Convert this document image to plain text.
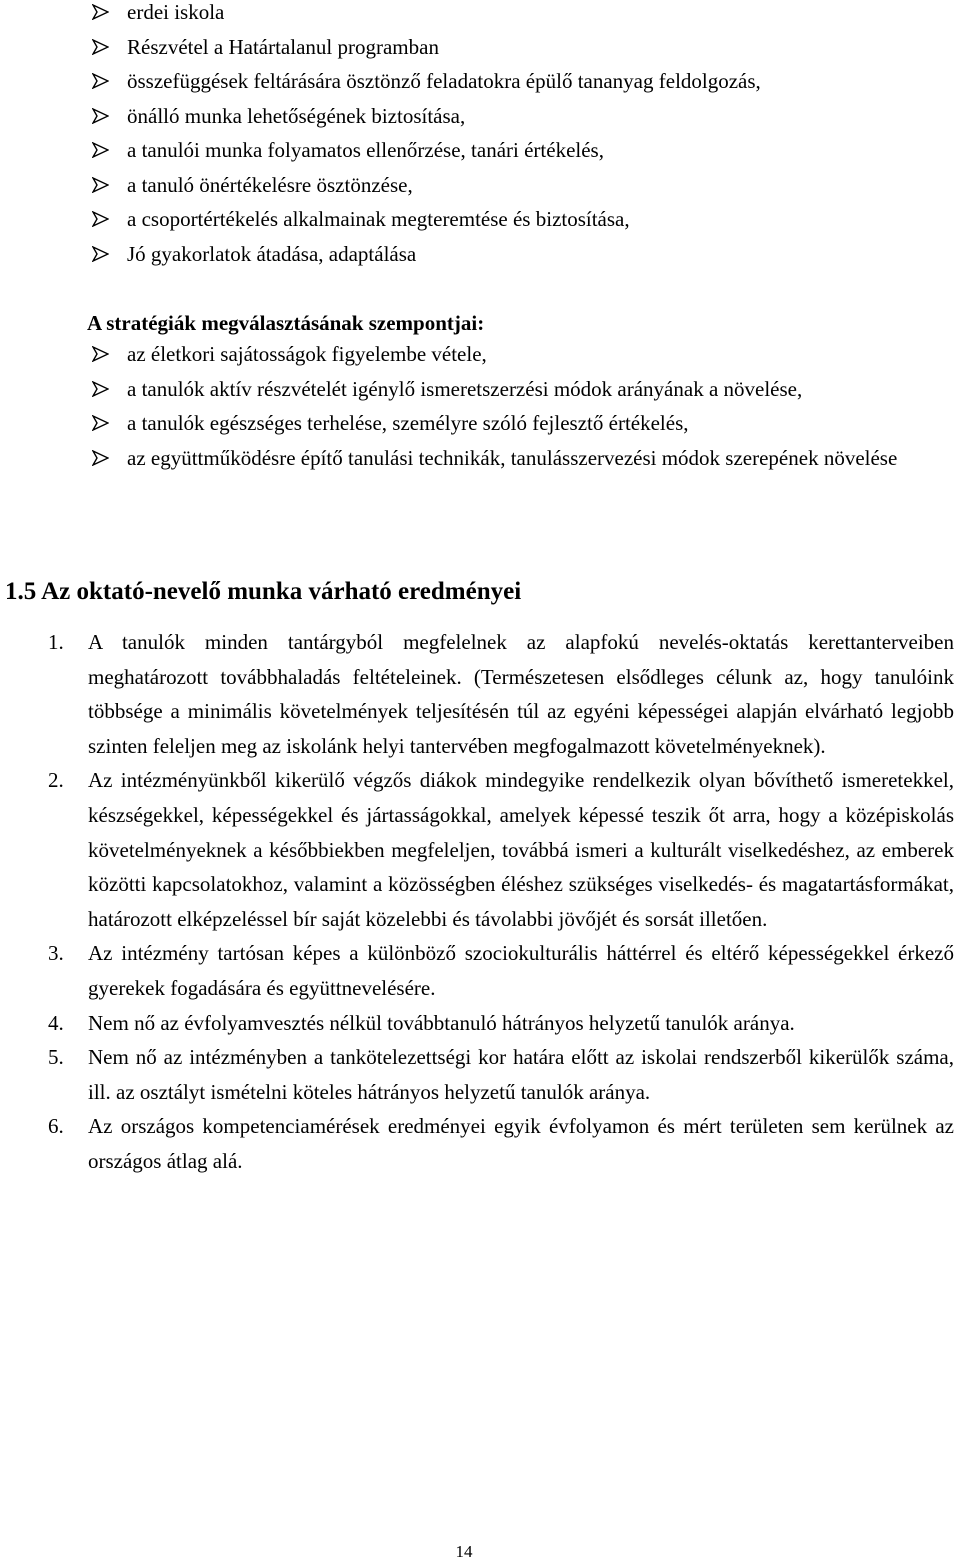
erdei iskola
Részvétel a Határtalanul programban
összefüggések feltárására ösztönző feladatokra épülő tananyag feldolgozás,
önálló munka lehetőségének biztosítása,
a tanulói munka folyamatos ellenőrzése, tanári értékelés,
a tanuló önértékelésre ösztönzése,
a csoportértékelés alkalmainak megteremtése és biztosítása,
Jó gyakorlatok átadása, adaptálása
A stratégiák megválasztásának szempontjai:
az életkori sajátosságok figyelembe vétele,
a tanulók aktív részvételét igénylő ismeretszerzési módok arányának a növelése,
a tanulók egészséges terhelése, személyre szóló fejlesztő értékelés,
az együttműködésre építő tanulási technikák, tanulásszervezési módok szerepének növelése
1.5 Az oktató-nevelő munka várható eredményei
1. A tanulók minden tantárgyból megfelelnek az alapfokú nevelés-oktatás kerettanterveiben meghatározott továbbhaladás feltételeinek. (Természetesen elsődleges célunk az, hogy tanulóink többsége a minimális követelmények teljesítésén túl az egyéni képességei alapján elvárható legjobb szinten feleljen meg az iskolánk helyi tantervében megfogalmazott követelményeknek).
2. Az intézményünkből kikerülő végzős diákok mindegyike rendelkezik olyan bővíthető ismeretekkel, készségekkel, képességekkel és jártasságokkal, amelyek képessé teszik őt arra, hogy a középiskolás követelményeknek a későbbiekben megfeleljen, továbbá ismeri a kulturált viselkedéshez, az emberek közötti kapcsolatokhoz, valamint a közösségben éléshez szükséges viselkedés- és magatartásformákat, határozott elképzeléssel bír saját közelebbi és távolabbi jövőjét és sorsát illetően.
3. Az intézmény tartósan képes a különböző szociokulturális háttérrel és eltérő képességekkel érkező gyerekek fogadására és együttnevelésére.
4. Nem nő az évfolyamvesztés nélkül továbbtanuló hátrányos helyzetű tanulók aránya.
5. Nem nő az intézményben a tankötelezettségi kor határa előtt az iskolai rendszerből kikerülők száma, ill. az osztályt ismételni köteles hátrányos helyzetű tanulók aránya.
6. Az országos kompetenciamérések eredményei egyik évfolyamon és mért területen sem kerülnek az országos átlag alá.
14
